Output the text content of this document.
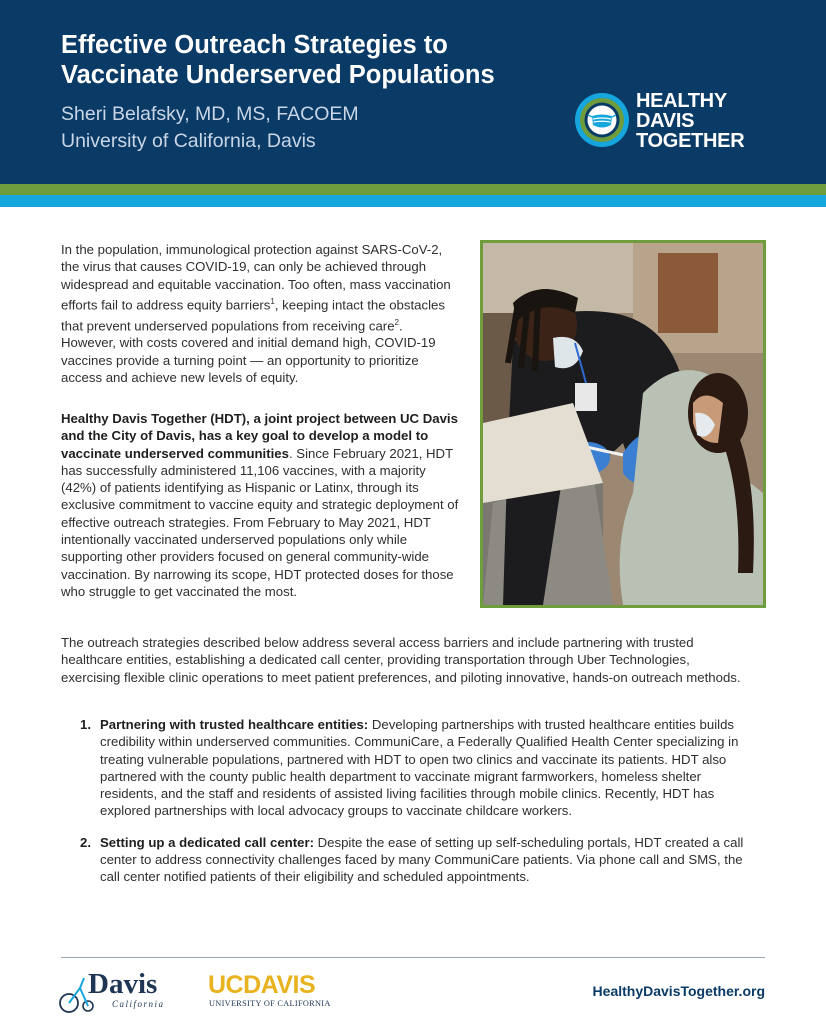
Effective Outreach Strategies to
Vaccinate Underserved Populations
Sheri Belafsky, MD, MS, FACOEM
University of California, Davis
HEALTHY
DAVIS
TOGETHER

In the population, immunological protection against SARS-CoV-2, the virus that causes COVID-19, can only be achieved through widespread and equitable vaccination. Too often, mass vaccination efforts fail to address equity barriers$^1$, keeping intact the obstacles that prevent underserved populations from receiving care$^2$. However, with costs covered and initial demand high, COVID-19 vaccines provide a turning point — an opportunity to prioritize access and achieve new levels of equity.

Healthy Davis Together (HDT), a joint project between UC Davis and the City of Davis, has a key goal to develop a model to vaccinate underserved communities. Since February 2021, HDT has successfully administered 11,106 vaccines, with a majority (42%) of patients identifying as Hispanic or Latinx, through its exclusive commitment to vaccine equity and strategic deployment of effective outreach strategies. From February to May 2021, HDT intentionally vaccinated underserved populations only while supporting other providers focused on general community-wide vaccination. By narrowing its scope, HDT protected doses for those who struggle to get vaccinated the most.

The outreach strategies described below address several access barriers and include partnering with trusted healthcare entities, establishing a dedicated call center, providing transportation through Uber Technologies, exercising flexible clinic operations to meet patient preferences, and piloting innovative, hands-on outreach methods.

1. Partnering with trusted healthcare entities: Developing partnerships with trusted healthcare entities builds credibility within underserved communities. CommuniCare, a Federally Qualified Health Center specializing in treating vulnerable populations, partnered with HDT to open two clinics and vaccinate its patients. HDT also partnered with the county public health department to vaccinate migrant farmworkers, homeless shelter residents, and the staff and residents of assisted living facilities through mobile clinics. Recently, HDT has explored partnerships with local advocacy groups to vaccinate childcare workers.
2. Setting up a dedicated call center: Despite the ease of setting up self-scheduling portals, HDT created a call center to address connectivity challenges faced by many CommuniCare patients. Via phone call and SMS, the call center notified patients of their eligibility and scheduled appointments.
Davis
California
UCDAVIS
UNIVERSITY OF CALIFORNIA
HealthyDavisTogether.org
